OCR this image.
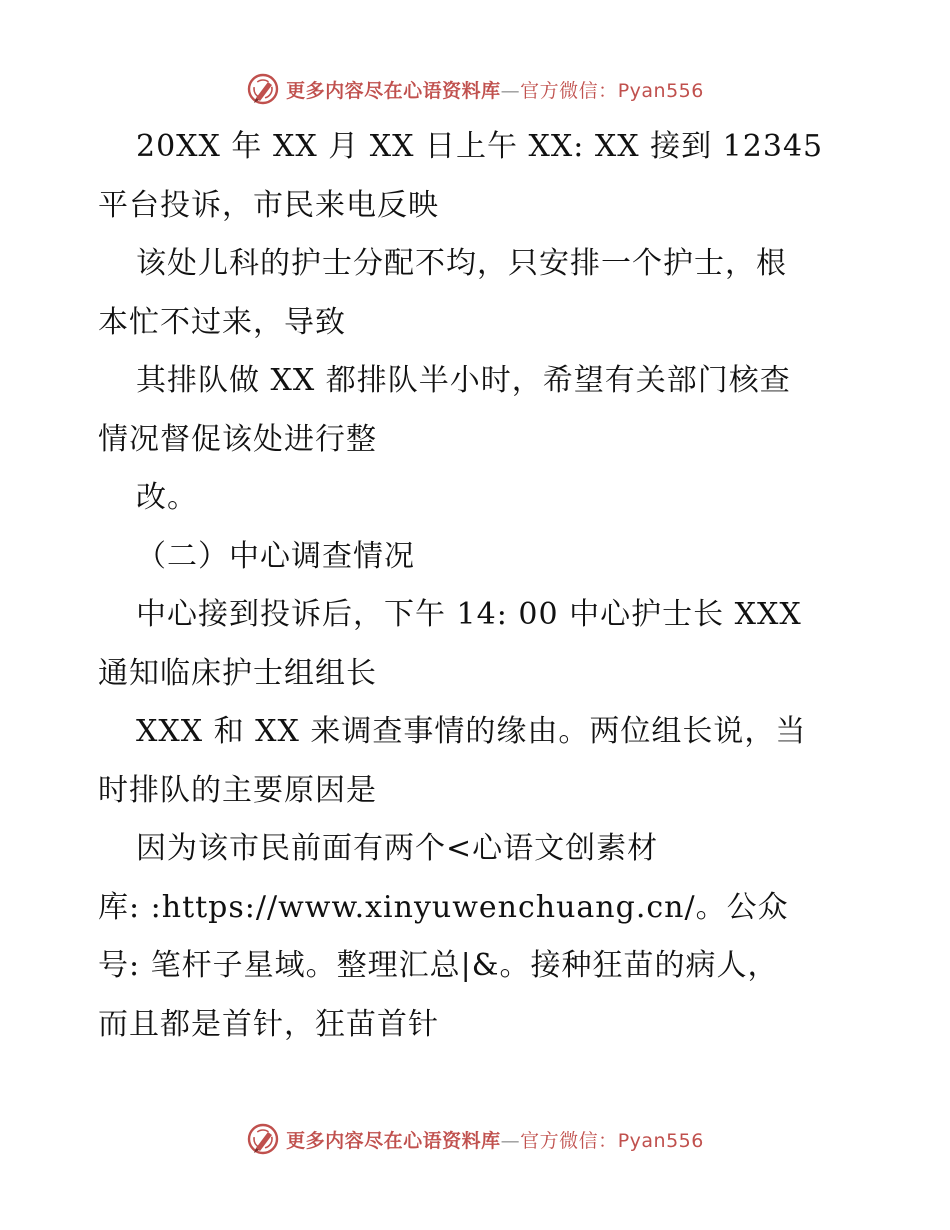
更多内容尽在心语资料库—官方微信：Pyan556
20XX 年 XX 月 XX 日上午 XX: XX 接到 12345
平台投诉，市民来电反映
该处儿科的护士分配不均，只安排一个护士，根
本忙不过来，导致
其排队做 XX 都排队半小时，希望有关部门核查
情况督促该处进行整
改。
（二）中心调查情况
中心接到投诉后，下午 14: 00 中心护士长 XXX
通知临床护士组组长
XXX 和 XX 来调查事情的缘由。两位组长说，当
时排队的主要原因是
因为该市民前面有两个<心语文创素材
库: :https://www.xinyuwenchuang.cn/。公众
号: 笔杆子星域。整理汇总|&。接种狂苗的病人，
而且都是首针，狂苗首针
更多内容尽在心语资料库—官方微信：Pyan556
